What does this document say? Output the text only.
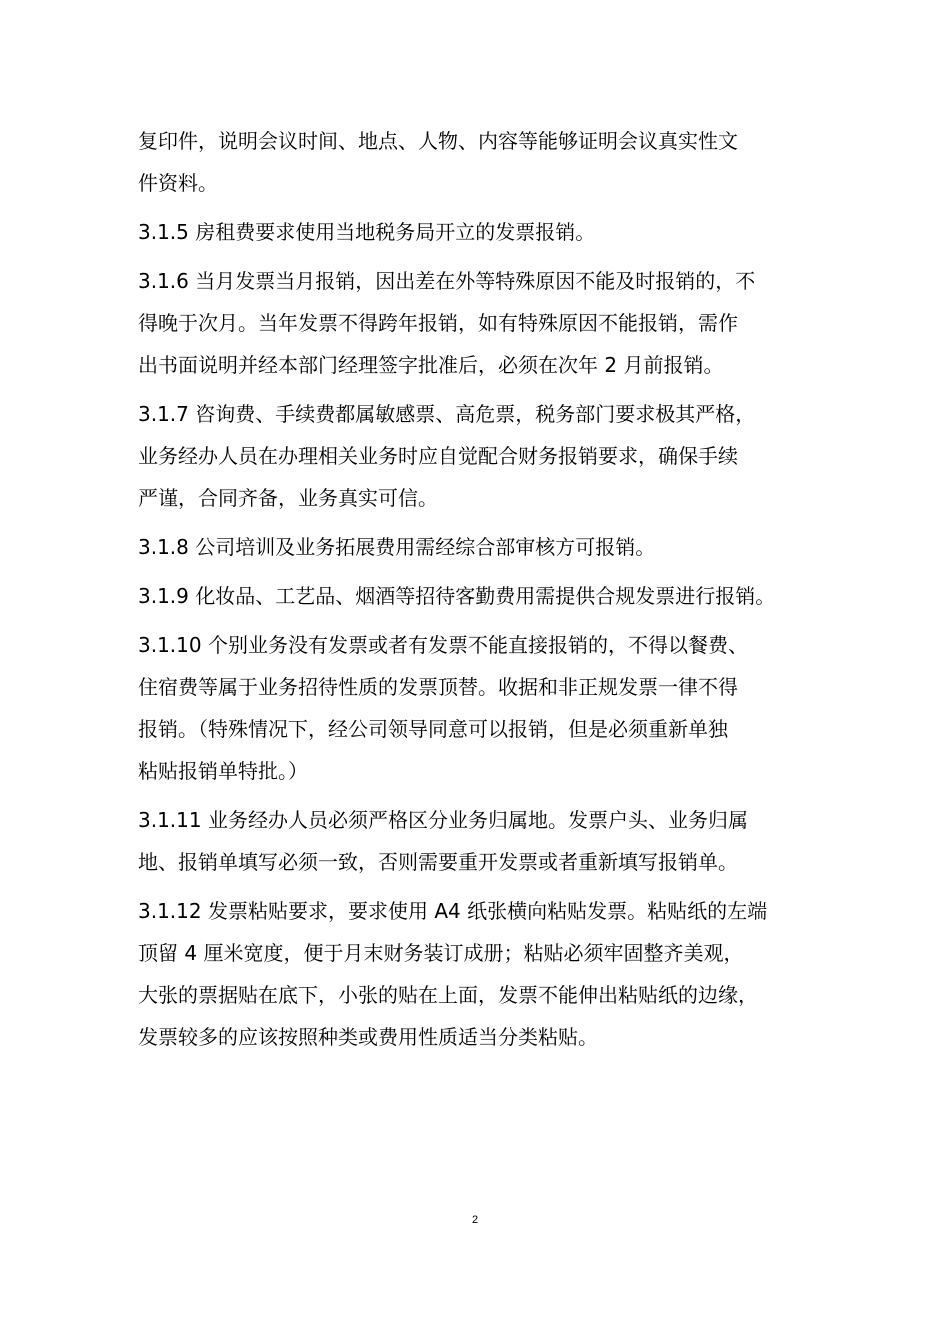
复印件，说明会议时间、地点、人物、内容等能够证明会议真实性文
件资料。
3.1.5 房租费要求使用当地税务局开立的发票报销。
3.1.6 当月发票当月报销，因出差在外等特殊原因不能及时报销的，不
得晚于次月。当年发票不得跨年报销，如有特殊原因不能报销，需作
出书面说明并经本部门经理签字批准后，必须在次年 2 月前报销。
3.1.7 咨询费、手续费都属敏感票、高危票，税务部门要求极其严格，
业务经办人员在办理相关业务时应自觉配合财务报销要求，确保手续
严谨，合同齐备，业务真实可信。
3.1.8 公司培训及业务拓展费用需经综合部审核方可报销。
3.1.9 化妆品、工艺品、烟酒等招待客勤费用需提供合规发票进行报销。
3.1.10 个别业务没有发票或者有发票不能直接报销的，不得以餐费、
住宿费等属于业务招待性质的发票顶替。收据和非正规发票一律不得
报销。（特殊情况下，经公司领导同意可以报销，但是必须重新单独
粘贴报销单特批。）
3.1.11 业务经办人员必须严格区分业务归属地。发票户头、业务归属
地、报销单填写必须一致，否则需要重开发票或者重新填写报销单。
3.1.12 发票粘贴要求，要求使用 A4 纸张横向粘贴发票。粘贴纸的左端
顶留 4 厘米宽度，便于月末财务装订成册；粘贴必须牢固整齐美观，
大张的票据贴在底下，小张的贴在上面，发票不能伸出粘贴纸的边缘，
发票较多的应该按照种类或费用性质适当分类粘贴。
2
